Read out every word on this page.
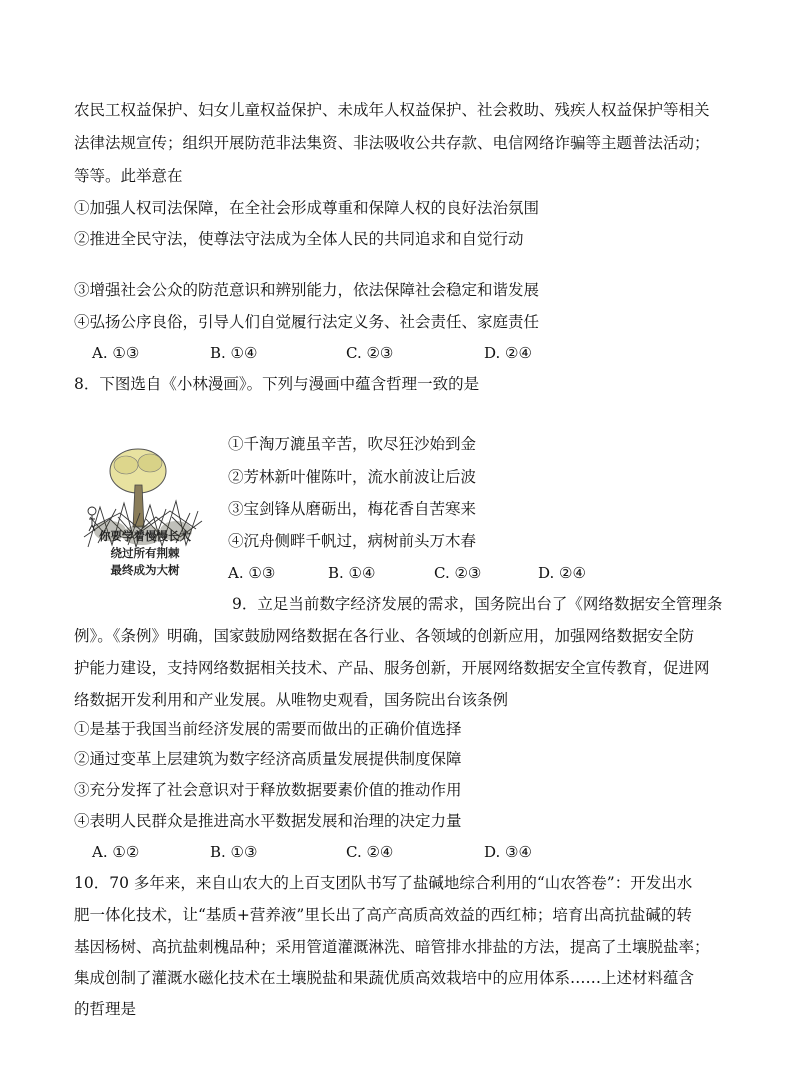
农民工权益保护、妇女儿童权益保护、未成年人权益保护、社会救助、残疾人权益保护等相关
法律法规宣传；组织开展防范非法集资、非法吸收公共存款、电信网络诈骗等主题普法活动；
等等。此举意在
①加强人权司法保障，在全社会形成尊重和保障人权的良好法治氛围
②推进全民守法，使尊法守法成为全体人民的共同追求和自觉行动
③增强社会公众的防范意识和辨别能力，依法保障社会稳定和谐发展
④弘扬公序良俗，引导人们自觉履行法定义务、社会责任、家庭责任
A. ①③	B. ①④	C. ②③	D. ②④
8．下图选自《小林漫画》。下列与漫画中蕴含哲理一致的是
你要学着慢慢长大
绕过所有荆棘
最终成为大树
①千淘万漉虽辛苦，吹尽狂沙始到金
②芳林新叶催陈叶，流水前波让后波
③宝剑锋从磨砺出，梅花香自苦寒来
④沉舟侧畔千帆过，病树前头万木春
A. ①③	B. ①④	C. ②③	D. ②④
9．立足当前数字经济发展的需求，国务院出台了《网络数据安全管理条
例》。《条例》明确，国家鼓励网络数据在各行业、各领域的创新应用，加强网络数据安全防
护能力建设，支持网络数据相关技术、产品、服务创新，开展网络数据安全宣传教育，促进网
络数据开发利用和产业发展。从唯物史观看，国务院出台该条例
①是基于我国当前经济发展的需要而做出的正确价值选择
②通过变革上层建筑为数字经济高质量发展提供制度保障
③充分发挥了社会意识对于释放数据要素价值的推动作用
④表明人民群众是推进高水平数据发展和治理的决定力量
A. ①②	B. ①③	C. ②④	D. ③④
10．70 多年来，来自山农大的上百支团队书写了盐碱地综合利用的“山农答卷”：开发出水
肥一体化技术，让“基质+营养液”里长出了高产高质高效益的西红柿；培育出高抗盐碱的转
基因杨树、高抗盐刺槐品种；采用管道灌溉淋洗、暗管排水排盐的方法，提高了土壤脱盐率；
集成创制了灌溉水磁化技术在土壤脱盐和果蔬优质高效栽培中的应用体系……上述材料蕴含
的哲理是
